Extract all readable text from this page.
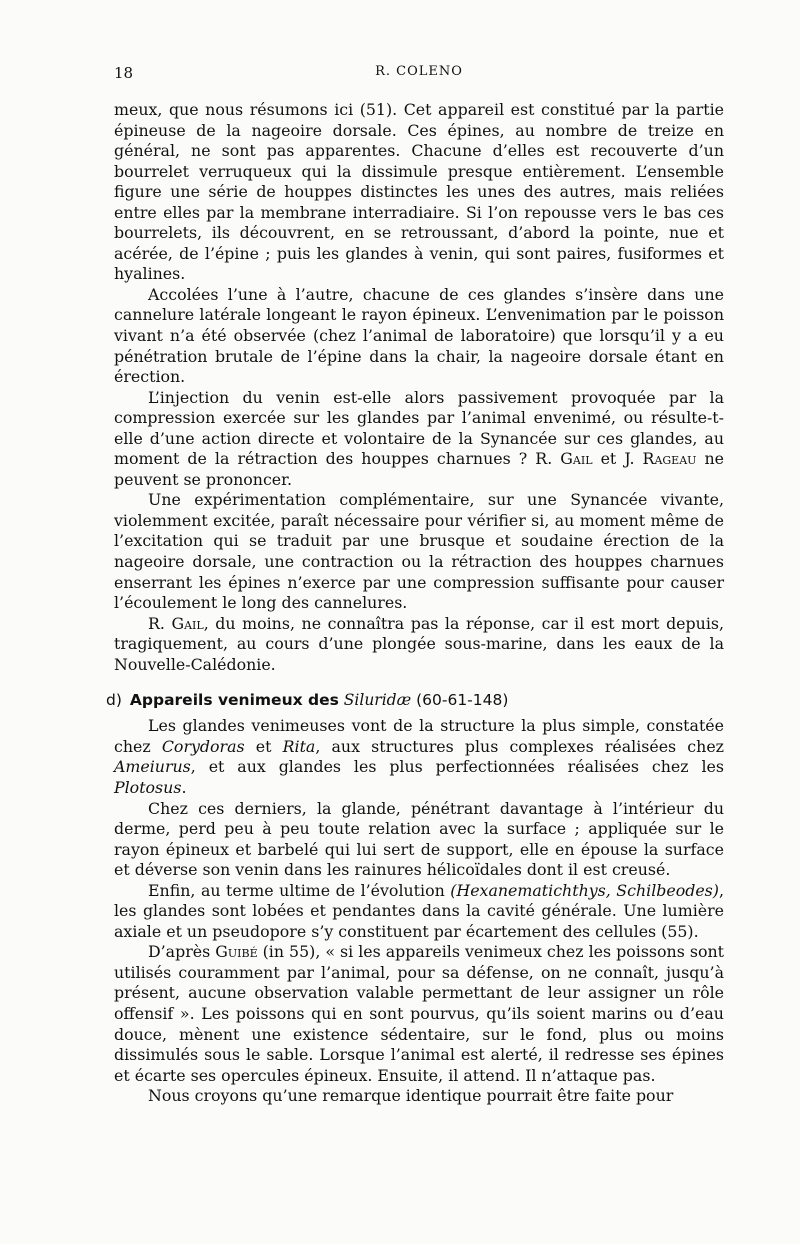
18	R. COLENO

meux, que nous résumons ici (51). Cet appareil est constitué par la partie épineuse de la nageoire dorsale. Ces épines, au nombre de treize en général, ne sont pas apparentes. Chacune d’elles est recouverte d’un bourrelet verruqueux qui la dissimule presque entièrement. L’ensemble figure une série de houppes distinctes les unes des autres, mais reliées entre elles par la membrane interradiaire. Si l’on repousse vers le bas ces bourrelets, ils découvrent, en se retroussant, d’abord la pointe, nue et acérée, de l’épine ; puis les glandes à venin, qui sont paires, fusiformes et hyalines.

Accolées l’une à l’autre, chacune de ces glandes s’insère dans une cannelure latérale longeant le rayon épineux. L’envenimation par le poisson vivant n’a été observée (chez l’animal de laboratoire) que lorsqu’il y a eu pénétration brutale de l’épine dans la chair, la nageoire dorsale étant en érection.

L’injection du venin est-elle alors passivement provoquée par la compression exercée sur les glandes par l’animal envenimé, ou résulte-t-elle d’une action directe et volontaire de la Synancée sur ces glandes, au moment de la rétraction des houppes charnues ? R. Gail et J. Rageau ne peuvent se prononcer.

Une expérimentation complémentaire, sur une Synancée vivante, violemment excitée, paraît nécessaire pour vérifier si, au moment même de l’excitation qui se traduit par une brusque et soudaine érection de la nageoire dorsale, une contraction ou la rétraction des houppes charnues enserrant les épines n’exerce par une compression suffisante pour causer l’écoulement le long des cannelures.

R. Gail, du moins, ne connaîtra pas la réponse, car il est mort depuis, tragiquement, au cours d’une plongée sous-marine, dans les eaux de la Nouvelle-Calédonie.

d) Appareils venimeux des Siluridæ (60-61-148)

Les glandes venimeuses vont de la structure la plus simple, constatée chez Corydoras et Rita, aux structures plus complexes réalisées chez Ameiurus, et aux glandes les plus perfectionnées réalisées chez les Plotosus.

Chez ces derniers, la glande, pénétrant davantage à l’intérieur du derme, perd peu à peu toute relation avec la surface ; appliquée sur le rayon épineux et barbelé qui lui sert de support, elle en épouse la surface et déverse son venin dans les rainures hélicoïdales dont il est creusé.

Enfin, au terme ultime de l’évolution (Hexanematichthys, Schilbeodes), les glandes sont lobées et pendantes dans la cavité générale. Une lumière axiale et un pseudopore s’y constituent par écartement des cellules (55).

D’après Guibé (in 55), « si les appareils venimeux chez les poissons sont utilisés couramment par l’animal, pour sa défense, on ne connaît, jusqu’à présent, aucune observation valable permettant de leur assigner un rôle offensif ». Les poissons qui en sont pourvus, qu’ils soient marins ou d’eau douce, mènent une existence sédentaire, sur le fond, plus ou moins dissimulés sous le sable. Lorsque l’animal est alerté, il redresse ses épines et écarte ses opercules épineux. Ensuite, il attend. Il n’attaque pas.

Nous croyons qu’une remarque identique pourrait être faite pour
